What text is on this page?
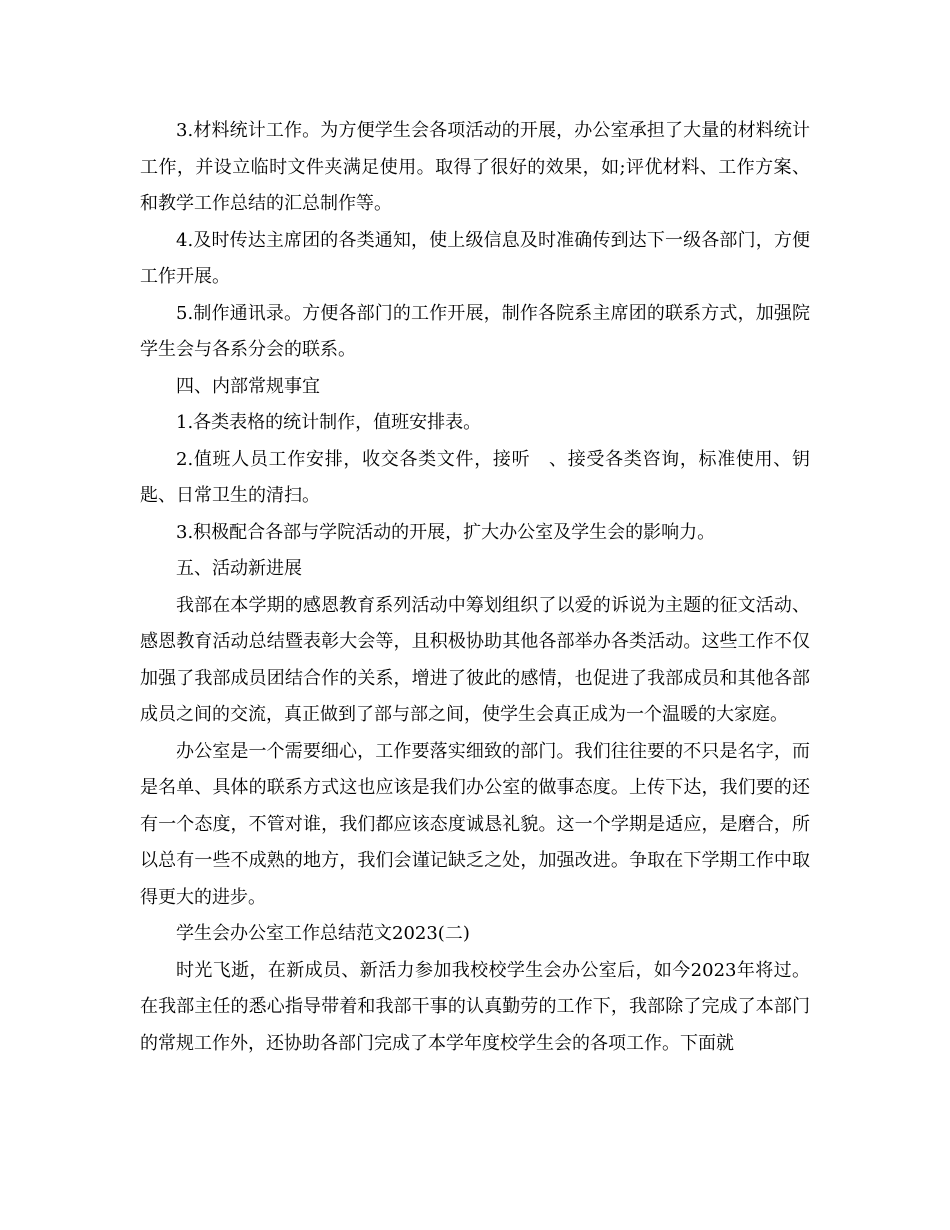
3.材料统计工作。为方便学生会各项活动的开展，办公室承担了大量的材料统计工作，并设立临时文件夹满足使用。取得了很好的效果，如;评优材料、工作方案、和教学工作总结的汇总制作等。

4.及时传达主席团的各类通知，使上级信息及时准确传到达下一级各部门，方便工作开展。

5.制作通讯录。方便各部门的工作开展，制作各院系主席团的联系方式，加强院学生会与各系分会的联系。

四、内部常规事宜

1.各类表格的统计制作，值班安排表。

2.值班人员工作安排，收交各类文件，接听　、接受各类咨询，标准使用、钥匙、日常卫生的清扫。

3.积极配合各部与学院活动的开展，扩大办公室及学生会的影响力。

五、活动新进展

我部在本学期的感恩教育系列活动中筹划组织了以爱的诉说为主题的征文活动、感恩教育活动总结暨表彰大会等，且积极协助其他各部举办各类活动。这些工作不仅加强了我部成员团结合作的关系，增进了彼此的感情，也促进了我部成员和其他各部成员之间的交流，真正做到了部与部之间，使学生会真正成为一个温暖的大家庭。

办公室是一个需要细心，工作要落实细致的部门。我们往往要的不只是名字，而是名单、具体的联系方式这也应该是我们办公室的做事态度。上传下达，我们要的还有一个态度，不管对谁，我们都应该态度诚恳礼貌。这一个学期是适应，是磨合，所以总有一些不成熟的地方，我们会谨记缺乏之处，加强改进。争取在下学期工作中取得更大的进步。

学生会办公室工作总结范文2023(二)

时光飞逝，在新成员、新活力参加我校校学生会办公室后，如今2023年将过。在我部主任的悉心指导带着和我部干事的认真勤劳的工作下，我部除了完成了本部门的常规工作外，还协助各部门完成了本学年度校学生会的各项工作。下面就
